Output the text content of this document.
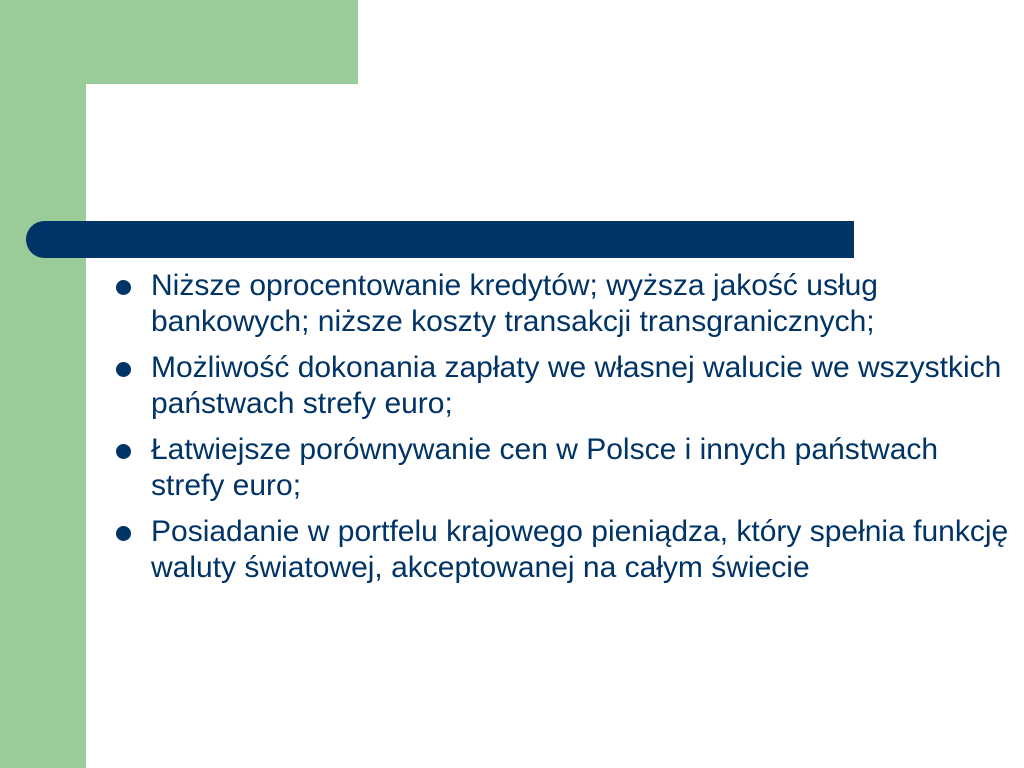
Niższe oprocentowanie kredytów; wyższa jakość usług bankowych; niższe koszty transakcji transgranicznych;
Możliwość dokonania zapłaty we własnej walucie we wszystkich państwach strefy euro;
Łatwiejsze porównywanie cen w Polsce i innych państwach strefy euro;
Posiadanie w portfelu krajowego pieniądza, który spełnia funkcję waluty światowej, akceptowanej na całym świecie
